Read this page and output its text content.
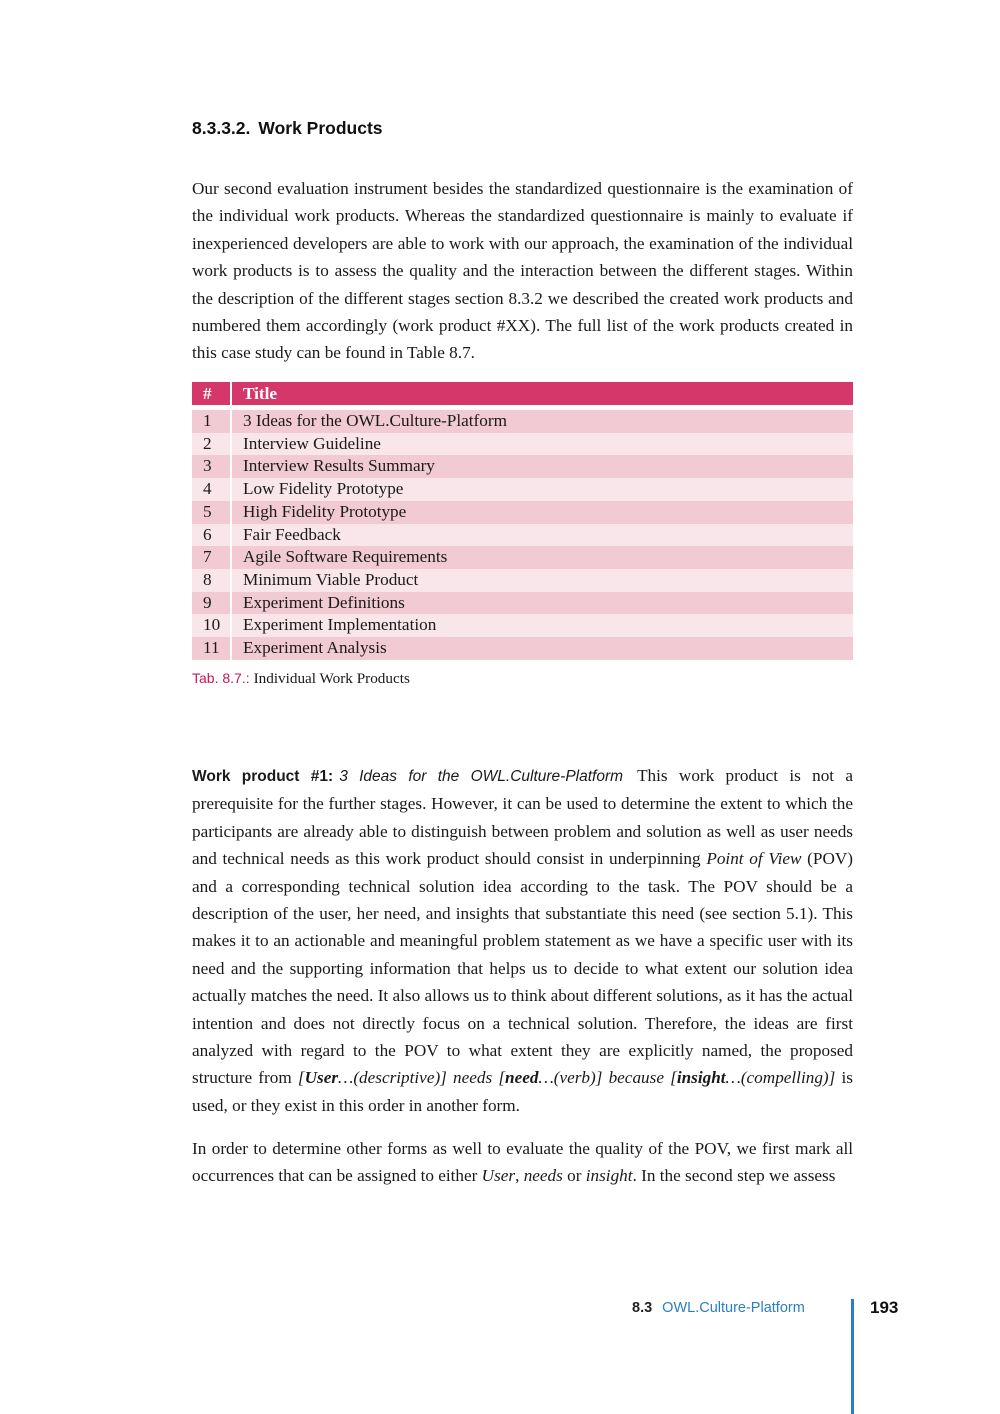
8.3.3.2. Work Products

Our second evaluation instrument besides the standardized questionnaire is the examination of the individual work products. Whereas the standardized questionnaire is mainly to evaluate if inexperienced developers are able to work with our approach, the examination of the individual work products is to assess the quality and the interaction between the different stages. Within the description of the different stages section 8.3.2 we described the created work products and numbered them accordingly (work product #XX). The full list of the work products created in this case study can be found in Table 8.7.

#	Title

1	3 Ideas for the OWL.Culture-Platform
2	Interview Guideline
3	Interview Results Summary
4	Low Fidelity Prototype
5	High Fidelity Prototype
6	Fair Feedback
7	Agile Software Requirements
8	Minimum Viable Product
9	Experiment Definitions
10	Experiment Implementation
11	Experiment Analysis
Tab. 8.7.: Individual Work Products

Work product #1: 3 Ideas for the OWL.Culture-Platform This work product is not a prerequisite for the further stages. However, it can be used to determine the extent to which the participants are already able to distinguish between problem and solution as well as user needs and technical needs as this work product should consist in underpinning Point of View (POV) and a corresponding technical solution idea according to the task. The POV should be a description of the user, her need, and insights that substantiate this need (see section 5.1). This makes it to an actionable and meaningful problem statement as we have a specific user with its need and the supporting information that helps us to decide to what extent our solution idea actually matches the need. It also allows us to think about different solutions, as it has the actual intention and does not directly focus on a technical solution. Therefore, the ideas are first analyzed with regard to the POV to what extent they are explicitly named, the proposed structure from [User…(descriptive)] needs [need…(verb)] because [insight…(compelling)] is used, or they exist in this order in another form.

In order to determine other forms as well to evaluate the quality of the POV, we first mark all occurrences that can be assigned to either User, needs or insight. In the second step we assess

8.3 OWL.Culture-Platform	193
